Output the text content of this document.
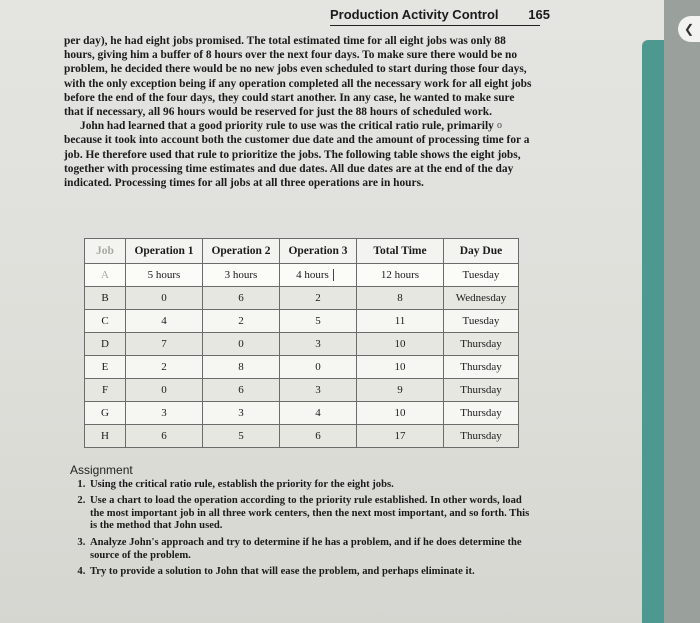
Production Activity Control 165
❮

per day), he had eight jobs promised. The total estimated time for all eight jobs was only 88 hours, giving him a buffer of 8 hours over the next four days. To make sure there would be no problem, he decided there would be no new jobs even scheduled to start during those four days, with the only exception being if any operation completed all the necessary work for all eight jobs before the end of the four days, they could start another. In any case, he wanted to make sure that if necessary, all 96 hours would be reserved for just the 88 hours of scheduled work.

John had learned that a good priority rule to use was the critical ratio rule, primarily because it took into account both the customer due date and the amount of processing time for a job. He therefore used that rule to prioritize the jobs. The following table shows the eight jobs, together with processing time estimates and due dates. All due dates are at the end of the day indicated. Processing times for all jobs at all three operations are in hours.

o
Job	Operation 1	Operation 2	Operation 3	Total Time	Day Due
A	5 hours	3 hours	4 hours	12 hours	Tuesday
B	0	6	2	8	Wednesday
C	4	2	5	11	Tuesday
D	7	0	3	10	Thursday
E	2	8	0	10	Thursday
F	0	6	3	9	Thursday
G	3	3	4	10	Thursday
H	6	5	6	17	Thursday
Assignment
1. Using the critical ratio rule, establish the priority for the eight jobs.
2. Use a chart to load the operation according to the priority rule established. In other words, load the most important job in all three work centers, then the next most important, and so forth. This is the method that John used.
3. Analyze John's approach and try to determine if he has a problem, and if he does determine the source of the problem.
4. Try to provide a solution to John that will ease the problem, and perhaps eliminate it.
